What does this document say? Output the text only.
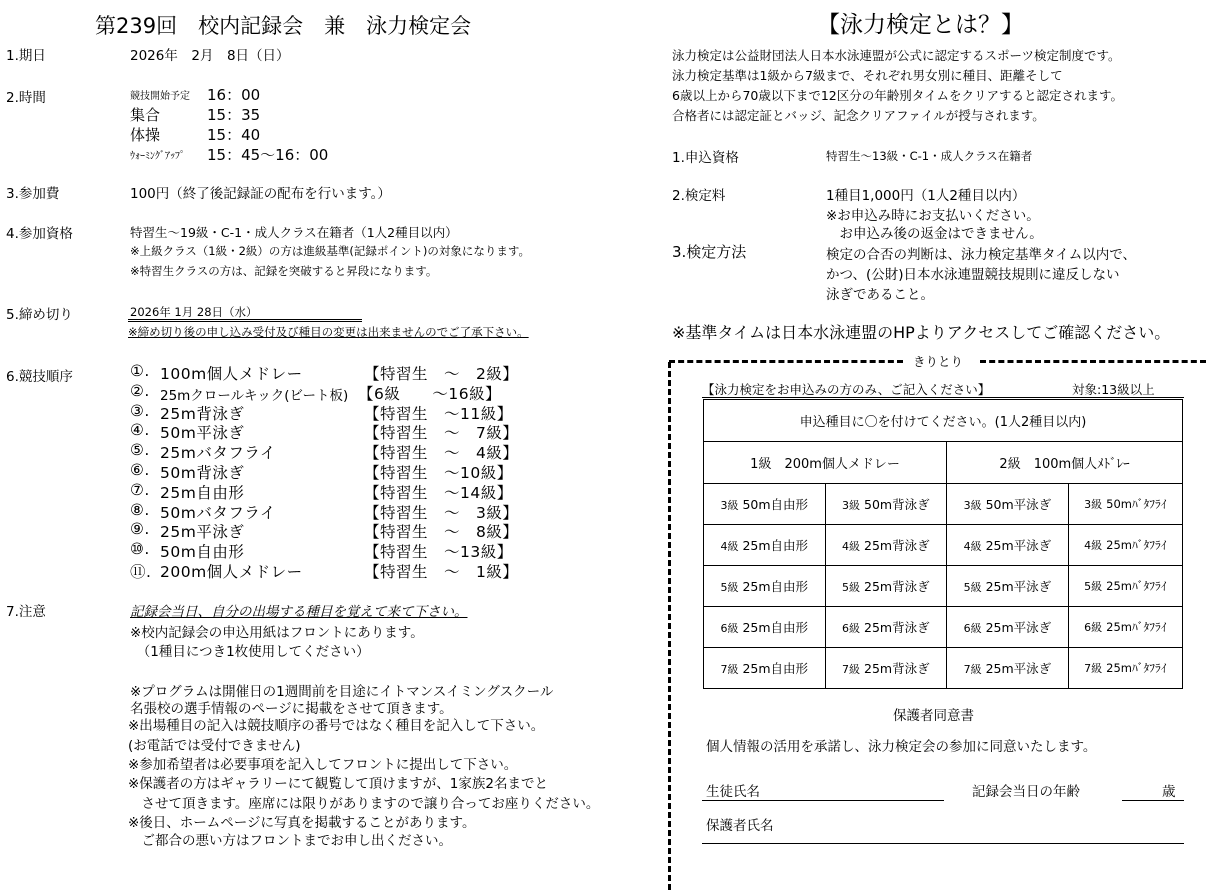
第239回　校内記録会　兼　泳力検定会
1.期日	2026年　2月　8日（日）
2.時間	競技開始予定 16：00
集合	15：35
体操	15：40
ｳｫｰﾐﾝｸﾞｱｯﾌﾟ 15：45〜16：00
3.参加費	100円（終了後記録証の配布を行います。）
4.参加資格	特習生〜19級・C-1・成人クラス在籍者（1人2種目以内）
※上級クラス（1級・2級）の方は進級基準(記録ポイント)の対象になります。
※特習生クラスの方は、記録を突破すると昇段になります。
5.締め切り	2026年 1月 28日（水）
※締め切り後の申し込み受付及び種目の変更は出来ませんのでご了承下さい。
6.競技順序	①. 100m個人メドレー	【特習生　〜　2級】
②. 25mクロールキック(ビート板) 【6級　　〜16級】
③. 25m背泳ぎ	【特習生　〜11級】
④. 50m平泳ぎ	【特習生　〜　7級】
⑤. 25mバタフライ	【特習生　〜　4級】
⑥. 50m背泳ぎ	【特習生　〜10級】
⑦. 25m自由形	【特習生　〜14級】
⑧. 50mバタフライ	【特習生　〜　3級】
⑨. 25m平泳ぎ	【特習生　〜　8級】
⑩. 50m自由形	【特習生　〜13級】
⑪. 200m個人メドレー	【特習生　〜　1級】
7.注意	記録会当日、自分の出場する種目を覚えて来て下さい。
※校内記録会の申込用紙はフロントにあります。
　（1種目につき1枚使用してください）
※プログラムは開催日の1週間前を目途にイトマンスイミングスクール
名張校の選手情報のページに掲載をさせて頂きます。
※出場種目の記入は競技順序の番号ではなく種目を記入して下さい。
(お電話では受付できません)
※参加希望者は必要事項を記入してフロントに提出して下さい。
※保護者の方はギャラリーにて観覧して頂けますが、1家族2名までと
　させて頂きます。座席には限りがありますので譲り合ってお座りください。
※後日、ホームページに写真を掲載することがあります。
　ご都合の悪い方はフロントまでお申し出ください。
【泳力検定とは？】
泳力検定は公益財団法人日本水泳連盟が公式に認定するスポーツ検定制度です。
泳力検定基準は1級から7級まで、それぞれ男女別に種目、距離そして
6歳以上から70歳以下まで12区分の年齢別タイムをクリアすると認定されます。
合格者には認定証とバッジ、記念クリアファイルが授与されます。
1.申込資格	特習生〜13級・C-1・成人クラス在籍者
2.検定料	1種目1,000円（1人2種目以内）
※お申込み時にお支払いください。
　お申込み後の返金はできません。
3.検定方法	検定の合否の判断は、泳力検定基準タイム以内で、
かつ、(公財)日本水泳連盟競技規則に違反しない
泳ぎであること。
※基準タイムは日本水泳連盟のHPよりアクセスしてご確認ください。
きりとり
【泳力検定をお申込みの方のみ、ご記入ください】	対象:13級以上
申込種目に〇を付けてください。(1人2種目以内)			
1級　200m個人メドレー		2級　100m個人ﾒﾄﾞﾚｰ	
3級 50m自由形	3級 50m背泳ぎ	3級 50m平泳ぎ	3級 50mﾊﾞﾀﾌﾗｲ
4級 25m自由形	4級 25m背泳ぎ	4級 25m平泳ぎ	4級 25mﾊﾞﾀﾌﾗｲ
5級 25m自由形	5級 25m背泳ぎ	5級 25m平泳ぎ	5級 25mﾊﾞﾀﾌﾗｲ
6級 25m自由形	6級 25m背泳ぎ	6級 25m平泳ぎ	6級 25mﾊﾞﾀﾌﾗｲ
7級 25m自由形	7級 25m背泳ぎ	7級 25m平泳ぎ	7級 25mﾊﾞﾀﾌﾗｲ
保護者同意書
個人情報の活用を承諾し、泳力検定会の参加に同意いたします。
生徒氏名	記録会当日の年齢	歳
保護者氏名
